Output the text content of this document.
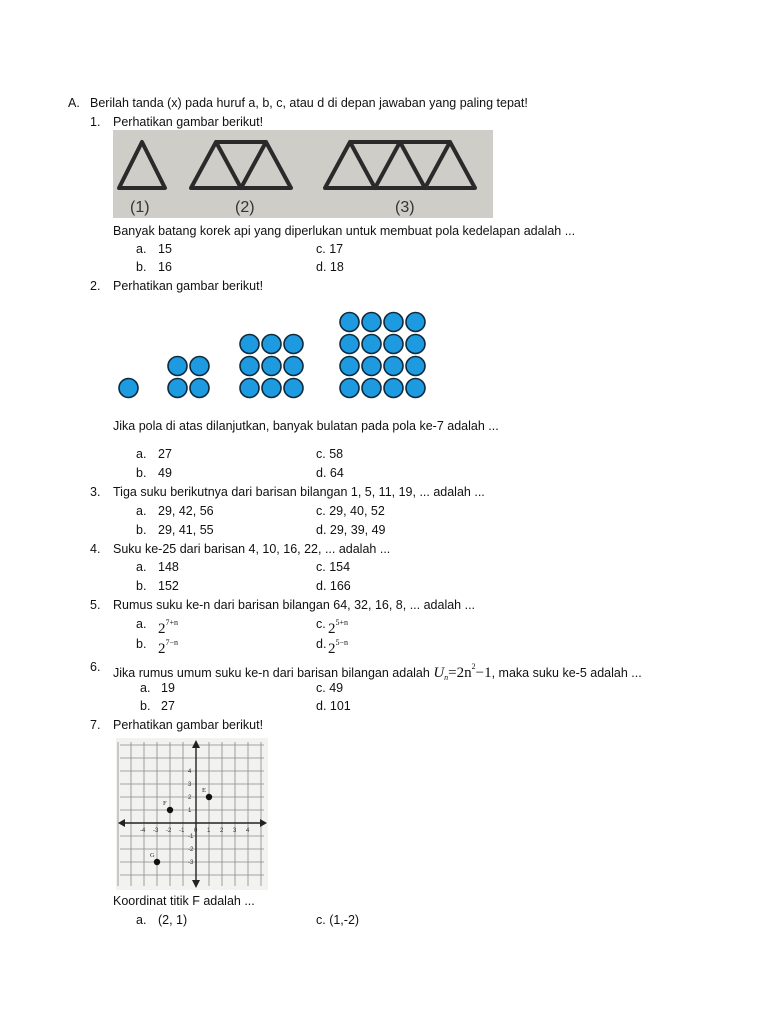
A. Berilah tanda (x) pada huruf a, b, c, atau d di depan jawaban yang paling tepat!
1. Perhatikan gambar berikut!
(1)	(2)	(3)
Banyak batang korek api yang diperlukan untuk membuat pola kedelapan adalah ...
a. 15	c. 17
b. 16	d. 18
2. Perhatikan gambar berikut!
Jika pola di atas dilanjutkan, banyak bulatan pada pola ke-7 adalah ...
a. 27	c. 58
b. 49	d. 64
3. Tiga suku berikutnya dari barisan bilangan 1, 5, 11, 19, ... adalah ...
a. 29, 42, 56	c. 29, 40, 52
b. 29, 41, 55	d. 29, 39, 49
4. Suku ke-25 dari barisan 4, 10, 16, 22, ... adalah ...
a. 148	c. 154
b. 152	d. 166
5. Rumus suku ke-n dari barisan bilangan 64, 32, 16, 8, ... adalah ...
a. $2^{7+n}$	c. $2^{5+n}$
b. $2^{7-n}$	d. $2^{5-n}$
6. Jika rumus umum suku ke-n dari barisan bilangan adalah $U_n=2n^2-1$, maka suku ke-5 adalah ...
a. 19	c. 49
b. 27	d. 101
7. Perhatikan gambar berikut!
-4 -3 -2 -1 0 1 2 3 4
4
3
2
1
-1
-2
-3
E
F
G
Koordinat titik F adalah ...
a. (2, 1)	c. (1,-2)
